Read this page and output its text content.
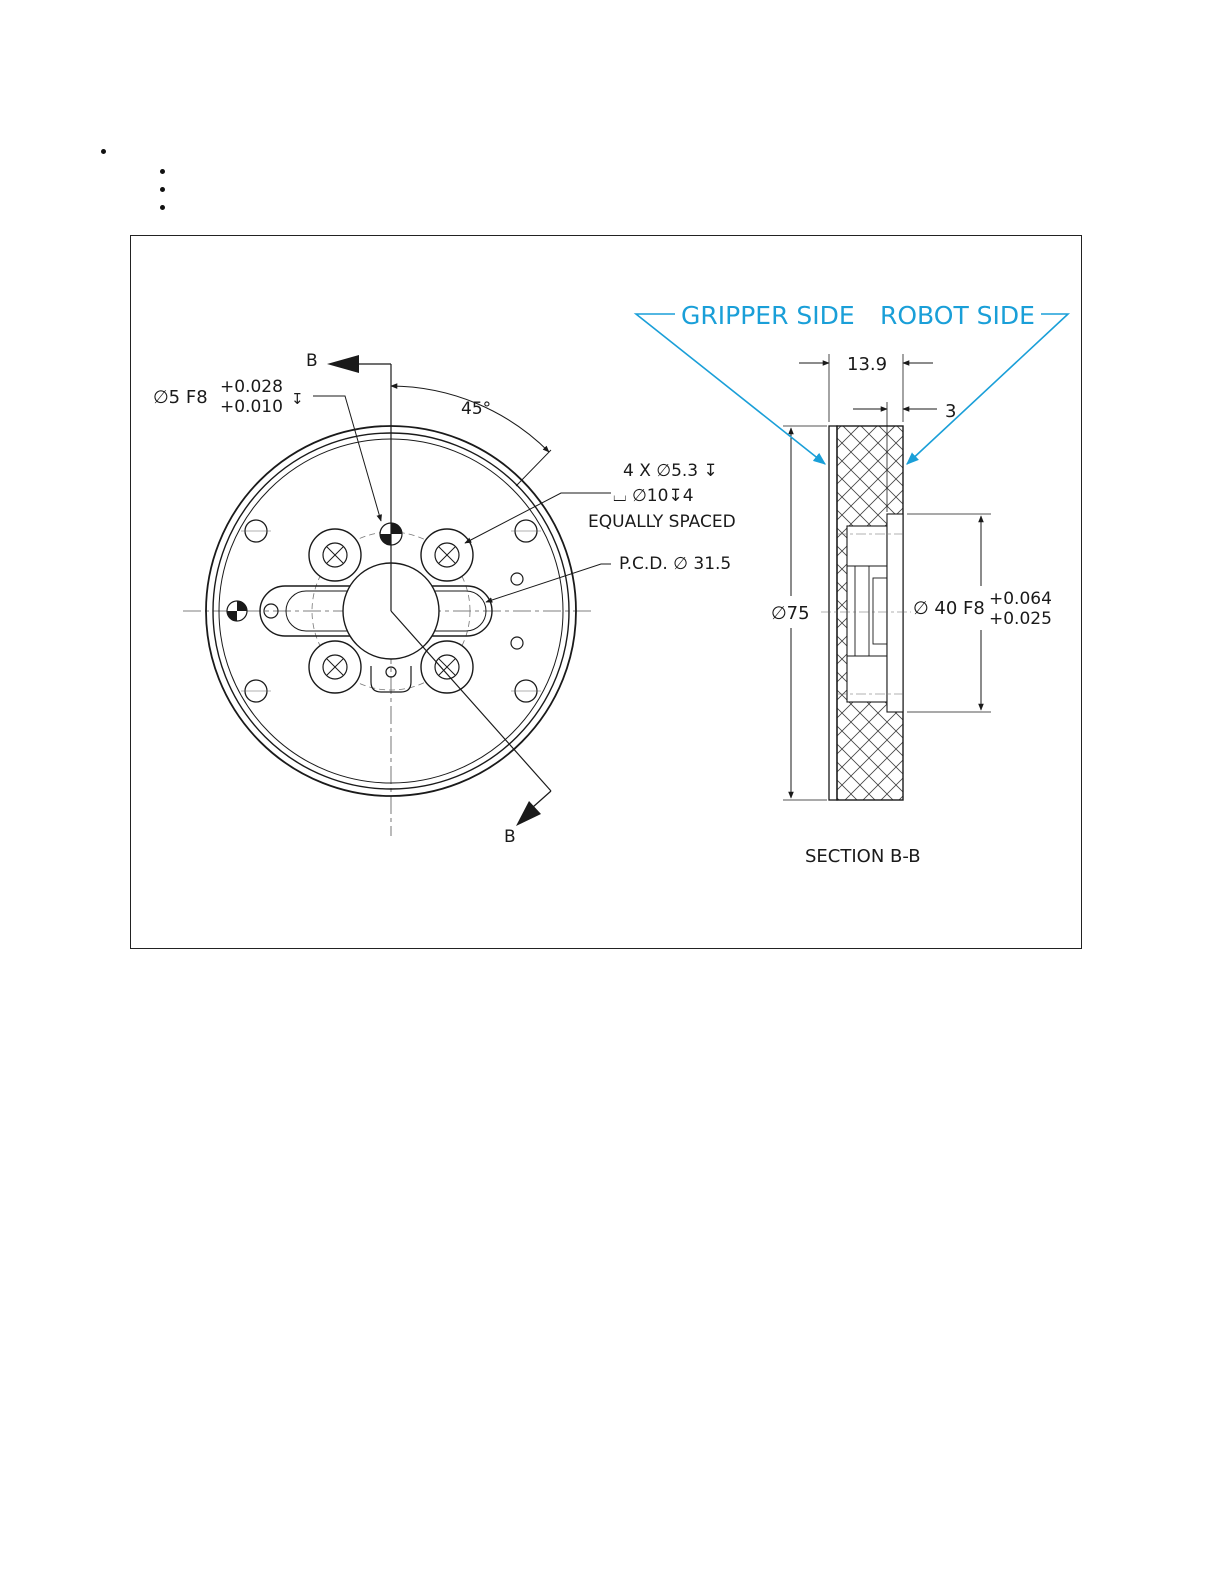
B
B
∅5 F8 +0.028
+0.010 ↧	45°
4 X ∅5.3 ↧
⌴ ∅10↧4
EQUALLY SPACED
P.C.D. ∅ 31.5
13.9
3
∅75	∅ 40 F8 +0.064
+0.025
SECTION B-B
GRIPPER SIDE ROBOT SIDE
